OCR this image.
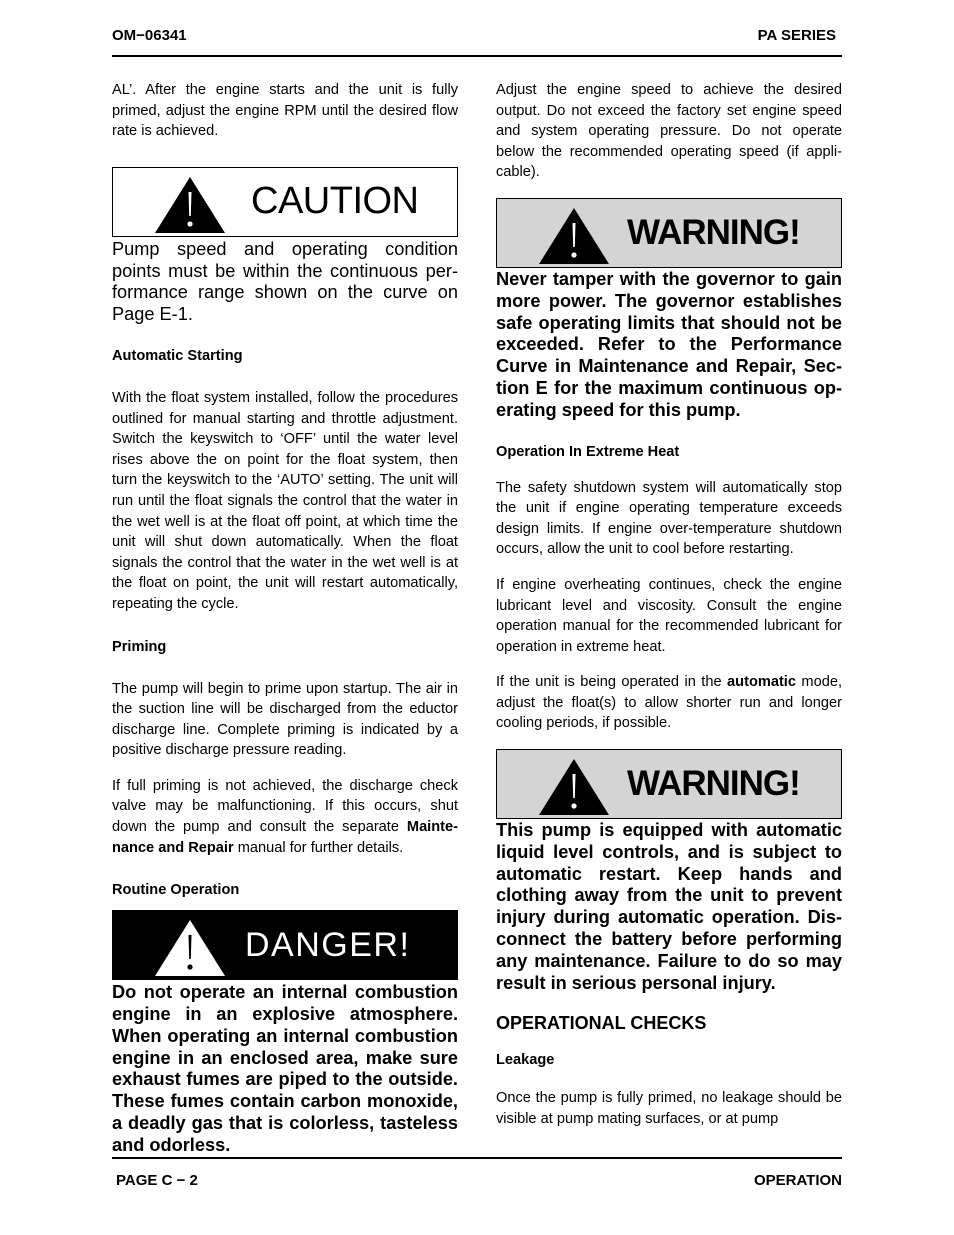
OM−06341	PA SERIES

AL’. After the engine starts and the unit is fully primed, adjust the engine RPM until the desired flow rate is achieved.

CAUTION

Pump speed and operating condition points must be within the continuous performance range shown on the curve on Page E-1.

Automatic Starting

With the float system installed, follow the procedures outlined for manual starting and throttle adjustment. Switch the keyswitch to ‘OFF’ until the water level rises above the on point for the float system, then turn the keyswitch to the ‘AUTO’ setting. The unit will run until the float signals the control that the water in the wet well is at the float off point, at which time the unit will shut down automatically. When the float signals the control that the water in the wet well is at the float on point, the unit will restart automatically, repeating the cycle.

Priming

The pump will begin to prime upon startup. The air in the suction line will be discharged from the eductor discharge line. Complete priming is indicated by a positive discharge pressure reading.

If full priming is not achieved, the discharge check valve may be malfunctioning. If this occurs, shut down the pump and consult the separate Maintenance and Repair manual for further details.

Routine Operation
DANGER!

Do not operate an internal combustion engine in an explosive atmosphere. When operating an internal combustion engine in an enclosed area, make sure exhaust fumes are piped to the outside. These fumes contain carbon monoxide, a deadly gas that is colorless, tasteless and odorless.

Adjust the engine speed to achieve the desired output. Do not exceed the factory set engine speed and system operating pressure. Do not operate below the recommended operating speed (if applicable).

WARNING!

Never tamper with the governor to gain more power. The governor establishes safe operating limits that should not be exceeded. Refer to the Performance Curve in Maintenance and Repair, Section E for the maximum continuous operating speed for this pump.

Operation In Extreme Heat

The safety shutdown system will automatically stop the unit if engine operating temperature exceeds design limits. If engine over-temperature shutdown occurs, allow the unit to cool before restarting.

If engine overheating continues, check the engine lubricant level and viscosity. Consult the engine operation manual for the recommended lubricant for operation in extreme heat.

If the unit is being operated in the automatic mode, adjust the float(s) to allow shorter run and longer cooling periods, if possible.

WARNING!

This pump is equipped with automatic liquid level controls, and is subject to automatic restart. Keep hands and clothing away from the unit to prevent injury during automatic operation. Disconnect the battery before performing any maintenance. Failure to do so may result in serious personal injury.

OPERATIONAL CHECKS
Leakage

Once the pump is fully primed, no leakage should be visible at pump mating surfaces, or at pump

PAGE C − 2	OPERATION
